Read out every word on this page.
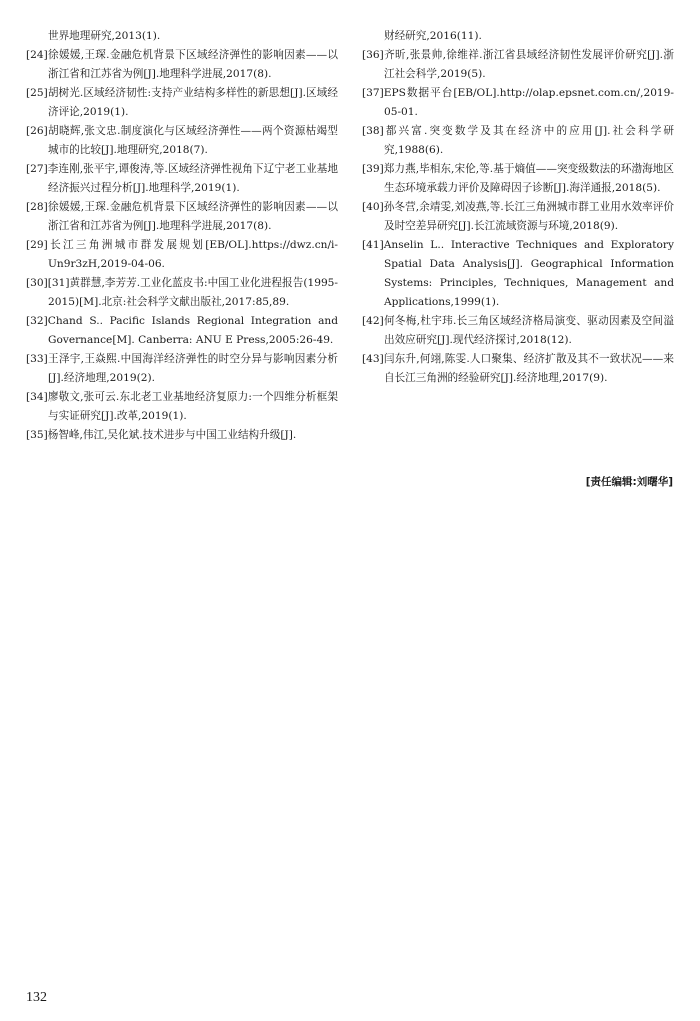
世界地理研究,2013(1).

[24]徐媛媛,王琛.金融危机背景下区域经济弹性的影响因素——以浙江省和江苏省为例[J].地理科学进展,2017(8).

[25]胡树光.区域经济韧性:支持产业结构多样性的新思想[J].区域经济评论,2019(1).

[26]胡晓辉,张文忠.制度演化与区域经济弹性——两个资源枯竭型城市的比较[J].地理研究,2018(7).

[27]李连刚,张平宇,谭俊涛,等.区域经济弹性视角下辽宁老工业基地经济振兴过程分析[J].地理科学,2019(1).

[28]徐媛媛,王琛.金融危机背景下区域经济弹性的影响因素——以浙江省和江苏省为例[J].地理科学进展,2017(8).

[29]长江三角洲城市群发展规划[EB/OL].https://dwz.cn/i-Un9r3zH,2019-04-06.

[30][31]黄群慧,李芳芳.工业化蓝皮书:中国工业化进程报告(1995-2015)[M].北京:社会科学文献出版社,2017:85,89.

[32]Chand S.. Pacific Islands Regional Integration and Governance[M]. Canberra: ANU E Press,2005:26-49.

[33]王泽宇,王焱熙.中国海洋经济弹性的时空分异与影响因素分析[J].经济地理,2019(2).

[34]廖敬文,张可云.东北老工业基地经济复原力:一个四维分析框架与实证研究[J].改革,2019(1).

[35]杨智峰,伟江,吴化斌.技术进步与中国工业结构升级[J].

财经研究,2016(11).

[36]齐昕,张景帅,徐维祥.浙江省县域经济韧性发展评价研究[J].浙江社会科学,2019(5).

[37]EPS数据平台[EB/OL].http://olap.epsnet.com.cn/,2019-05-01.

[38]都兴富.突变数学及其在经济中的应用[J].社会科学研究,1988(6).

[39]郑力燕,毕相东,宋伦,等.基于熵值——突变级数法的环渤海地区生态环境承载力评价及障碍因子诊断[J].海洋通报,2018(5).

[40]孙冬营,余靖雯,刘凌燕,等.长江三角洲城市群工业用水效率评价及时空差异研究[J].长江流域资源与环境,2018(9).

[41]Anselin L.. Interactive Techniques and Exploratory Spatial Data Analysis[J]. Geographical Information Systems: Principles, Techniques, Management and Applications,1999(1).

[42]何冬梅,杜宇玮.长三角区域经济格局演变、驱动因素及空间溢出效应研究[J].现代经济探讨,2018(12).

[43]闫东升,何翊,陈雯.人口聚集、经济扩散及其不一致状况——来自长江三角洲的经验研究[J].经济地理,2017(9).

[责任编辑:刘曙华]
132
